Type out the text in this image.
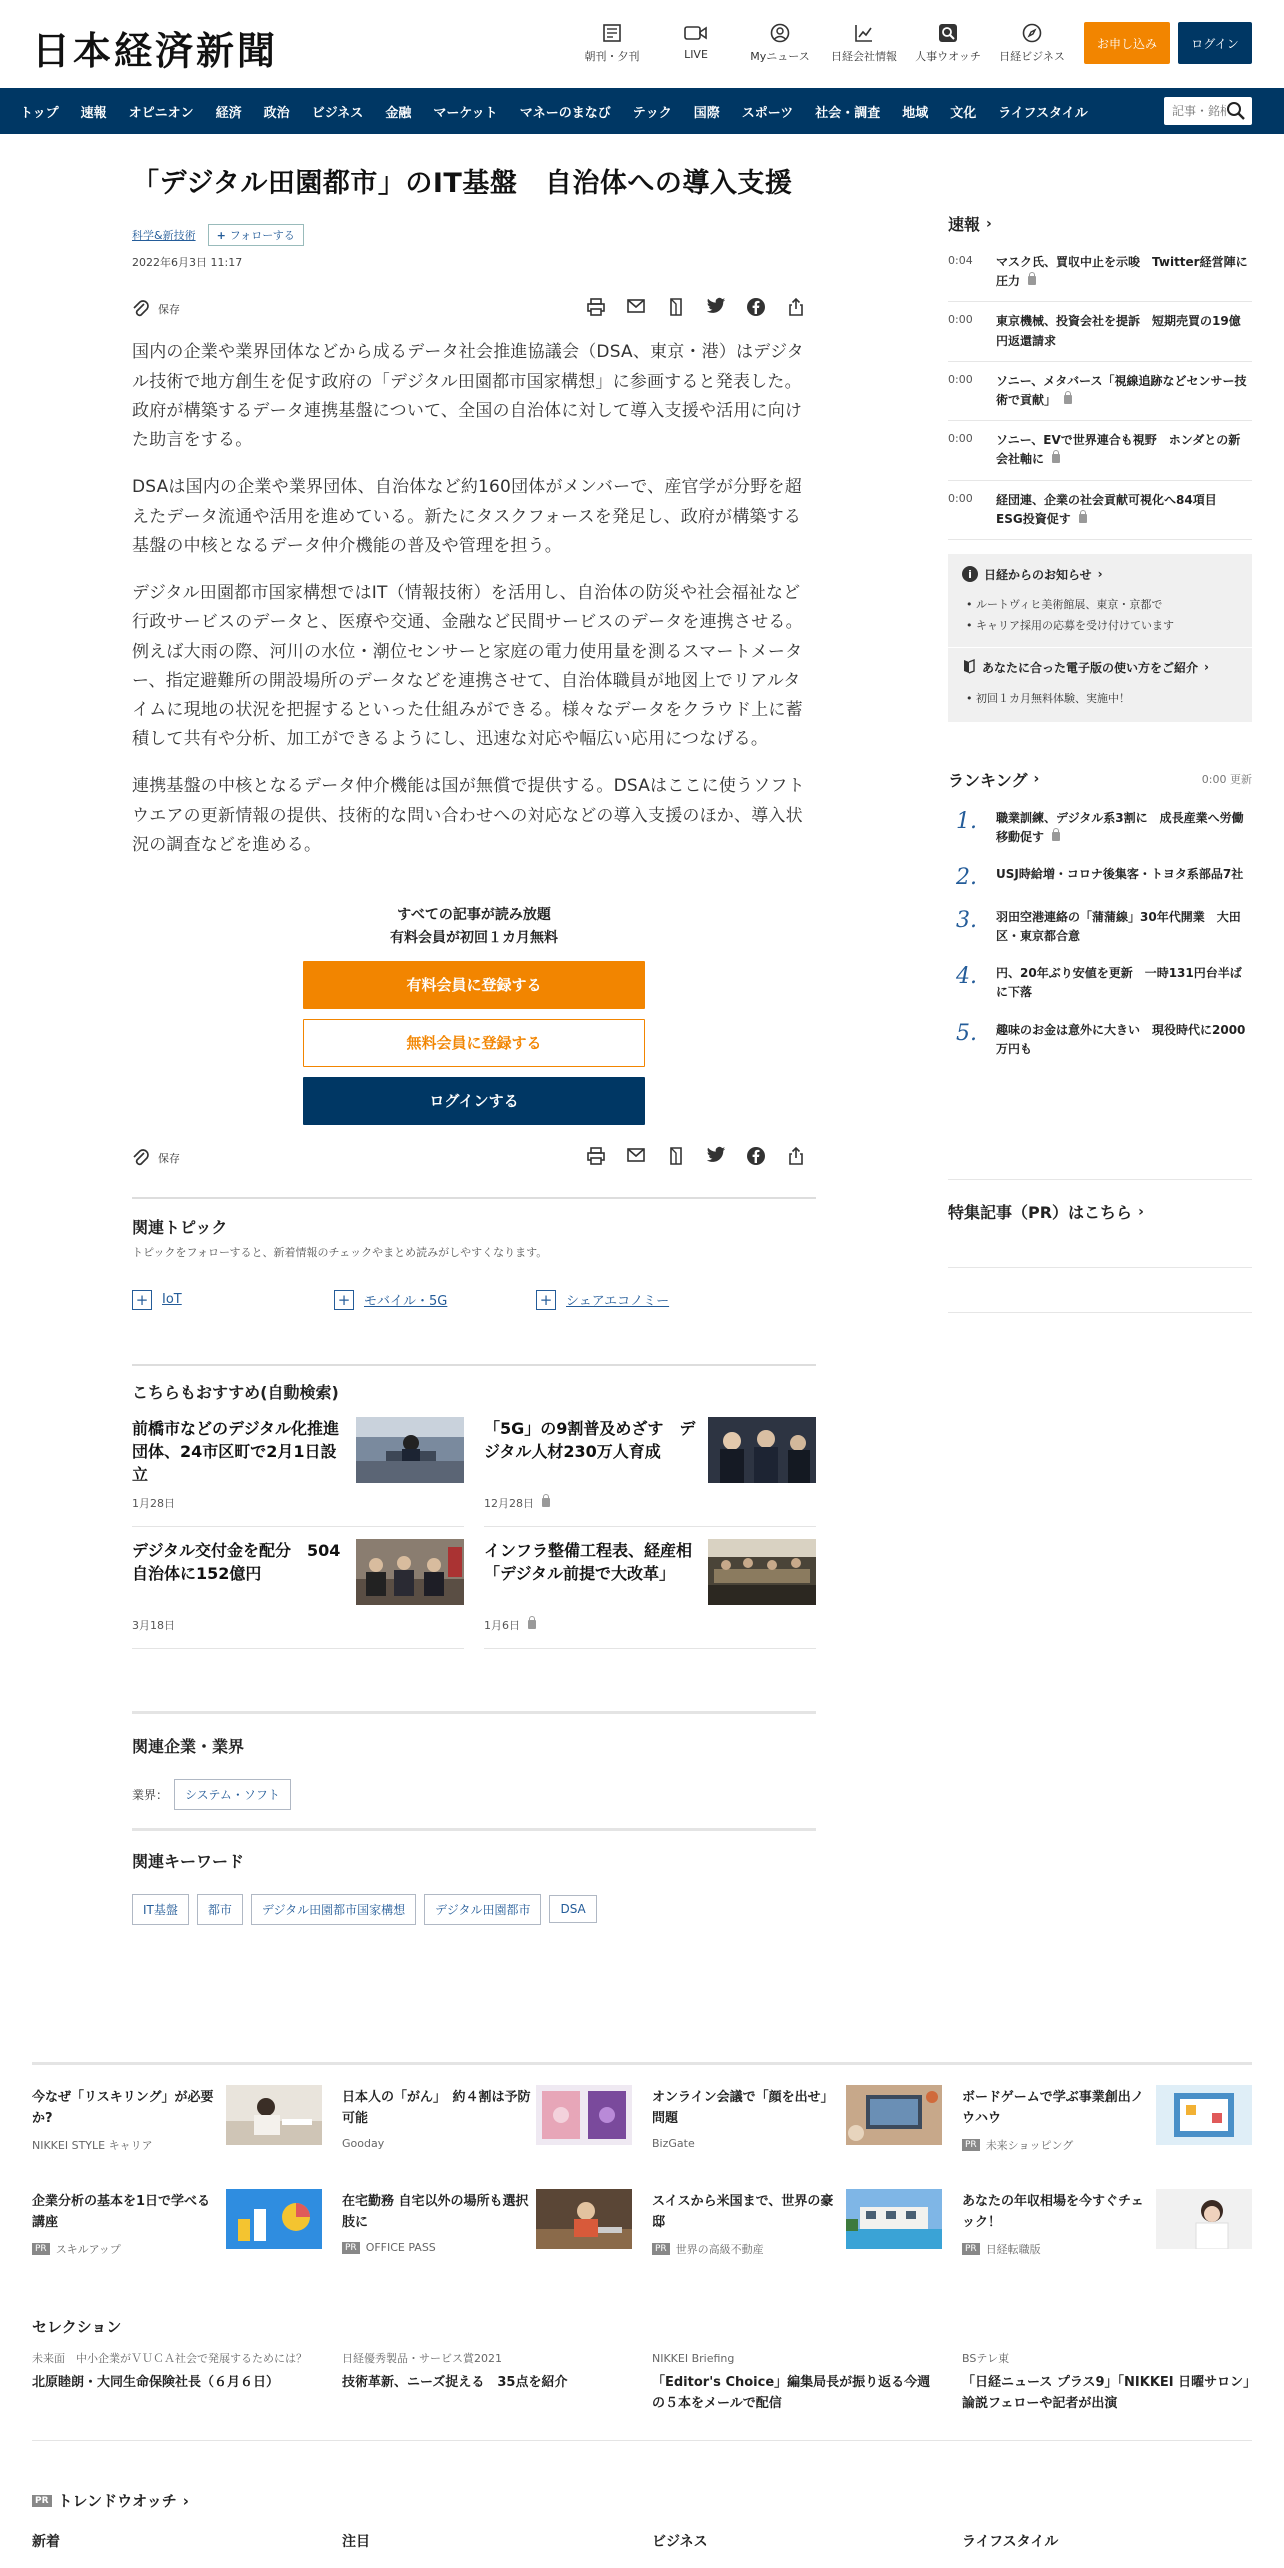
日本経済新聞	朝刊・夕刊	LIVE	Myニュース	日経会社情報	人事ウオッチ	日経ビジネス
お申し込み	ログイン
トップ 速報 オピニオン 経済 政治 ビジネス 金融 マーケット マネーのまなび テック 国際 スポーツ 社会・調査 地域 文化 ライフスタイル
記事・銘柄
「デジタル田園都市」のIT基盤　自治体への導入支援
科学&新技術 + フォローする
2022年6月3日 11:17
保存

国内の企業や業界団体などから成るデータ社会推進協議会（DSA、東京・港）はデジタル技術で地方創生を促す政府の「デジタル田園都市国家構想」に参画すると発表した。政府が構築するデータ連携基盤について、全国の自治体に対して導入支援や活用に向けた助言をする。

DSAは国内の企業や業界団体、自治体など約160団体がメンバーで、産官学が分野を超えたデータ流通や活用を進めている。新たにタスクフォースを発足し、政府が構築する基盤の中核となるデータ仲介機能の普及や管理を担う。

デジタル田園都市国家構想ではIT（情報技術）を活用し、自治体の防災や社会福祉など行政サービスのデータと、医療や交通、金融など民間サービスのデータを連携させる。例えば大雨の際、河川の水位・潮位センサーと家庭の電力使用量を測るスマートメーター、指定避難所の開設場所のデータなどを連携させて、自治体職員が地図上でリアルタイムに現地の状況を把握するといった仕組みができる。様々なデータをクラウド上に蓄積して共有や分析、加工ができるようにし、迅速な対応や幅広い応用につなげる。

連携基盤の中核となるデータ仲介機能は国が無償で提供する。DSAはここに使うソフトウエアの更新情報の提供、技術的な問い合わせへの対応などの導入支援のほか、導入状況の調査などを進める。

すべての記事が読み放題
有料会員が初回１カ月無料
有料会員に登録する
無料会員に登録する
ログインする
保存
関連トピック
トピックをフォローすると、新着情報のチェックやまとめ読みがしやすくなります。
+ IoT	+ モバイル・5G	+ シェアエコノミー
こちらもおすすめ(自動検索)
前橋市などのデジタル化推進団体、24市区町で2月1日設立
1月28日
「5G」の9割普及めざす　デジタル人材230万人育成
12月28日
デジタル交付金を配分　504自治体に152億円
3月18日
インフラ整備工程表、経産相「デジタル前提で大改革」
1月6日
関連企業・業界
業界：	システム・ソフト
関連キーワード
IT基盤	都市	デジタル田園都市国家構想	デジタル田園都市	DSA
速報 ›
0:04	マスク氏、買収中止を示唆　Twitter経営陣に圧力
0:00	東京機械、投資会社を提訴　短期売買の19億円返還請求
0:00	ソニー、メタバース「視線追跡などセンサー技術で貢献」
0:00	ソニー、EVで世界連合も視野　ホンダとの新会社軸に
0:00	経団連、企業の社会貢献可視化へ84項目　ESG投資促す
i	日経からのお知らせ ›
• ルートヴィヒ美術館展、東京・京都で
• キャリア採用の応募を受け付けています
あなたに合った電子版の使い方をご紹介 ›
• 初回１カ月無料体験、実施中！
ランキング ›	0:00 更新
1.	職業訓練、デジタル系3割に　成長産業へ労働移動促す
2.	USJ時給増・コロナ後集客・トヨタ系部品7社
3.	羽田空港連絡の「蒲蒲線」30年代開業　大田区・東京都合意
4.	円、20年ぶり安値を更新　一時131円台半ばに下落
5.	趣味のお金は意外に大きい　現役時代に2000万円も
特集記事（PR）はこちら ›
今なぜ「リスキリング」が必要か?
NIKKEI STYLE キャリア
日本人の「がん」　約４割は予防可能
Gooday
オンライン会議で「顔を出せ」問題
BizGate
ボードゲームで学ぶ事業創出ノウハウ
PR 未来ショッピング
企業分析の基本を1日で学べる講座
PR スキルアップ
在宅勤務 自宅以外の場所も選択肢に
PR OFFICE PASS
スイスから米国まで、世界の豪邸
PR 世界の高級不動産
あなたの年収相場を今すぐチェック！
PR 日経転職版
セレクション
未来面　中小企業がＶＵＣＡ社会で発展するためには？
北原睦朗・大同生命保険社長（６月６日）
日経優秀製品・サービス賞2021
技術革新、ニーズ捉える　35点を紹介
NIKKEI Briefing
「Editor's Choice」編集局長が振り返る今週の５本をメールで配信
BSテレ東
「日経ニュース プラス9」「NIKKEI 日曜サロン」論説フェローや記者が出演
PR トレンドウオッチ ›
新着	注目	ビジネス	ライフスタイル
